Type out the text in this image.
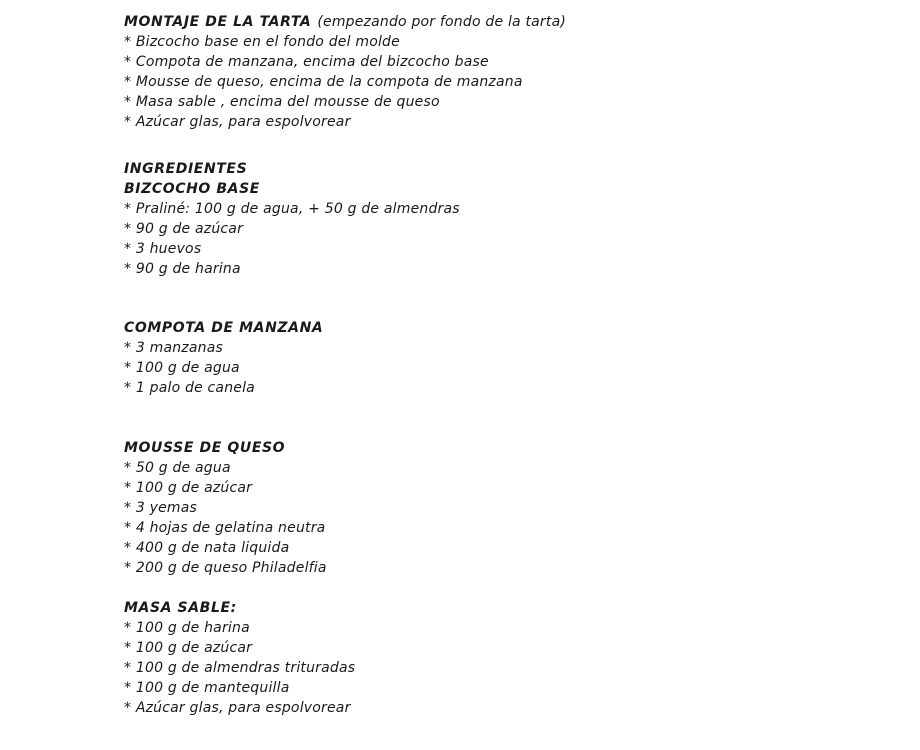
MONTAJE DE LA TARTA (empezando por fondo de la tarta)
* Bizcocho base en el fondo del molde
* Compota de manzana, encima del bizcocho base
* Mousse de queso, encima de la compota de manzana
* Masa sable , encima del mousse de queso
* Azúcar glas, para espolvorear
INGREDIENTES
BIZCOCHO BASE
* Praliné: 100 g de agua, + 50 g de almendras
* 90 g de azúcar
* 3 huevos
* 90 g de harina
COMPOTA DE MANZANA
* 3 manzanas
* 100 g de agua
* 1 palo de canela
MOUSSE DE QUESO
* 50 g de agua
* 100 g de azúcar
* 3 yemas
* 4 hojas de gelatina neutra
* 400 g de nata liquida
* 200 g de queso Philadelfia
MASA SABLE:
* 100 g de harina
* 100 g de azúcar
* 100 g de almendras trituradas
* 100 g de mantequilla
* Azúcar glas, para espolvorear
